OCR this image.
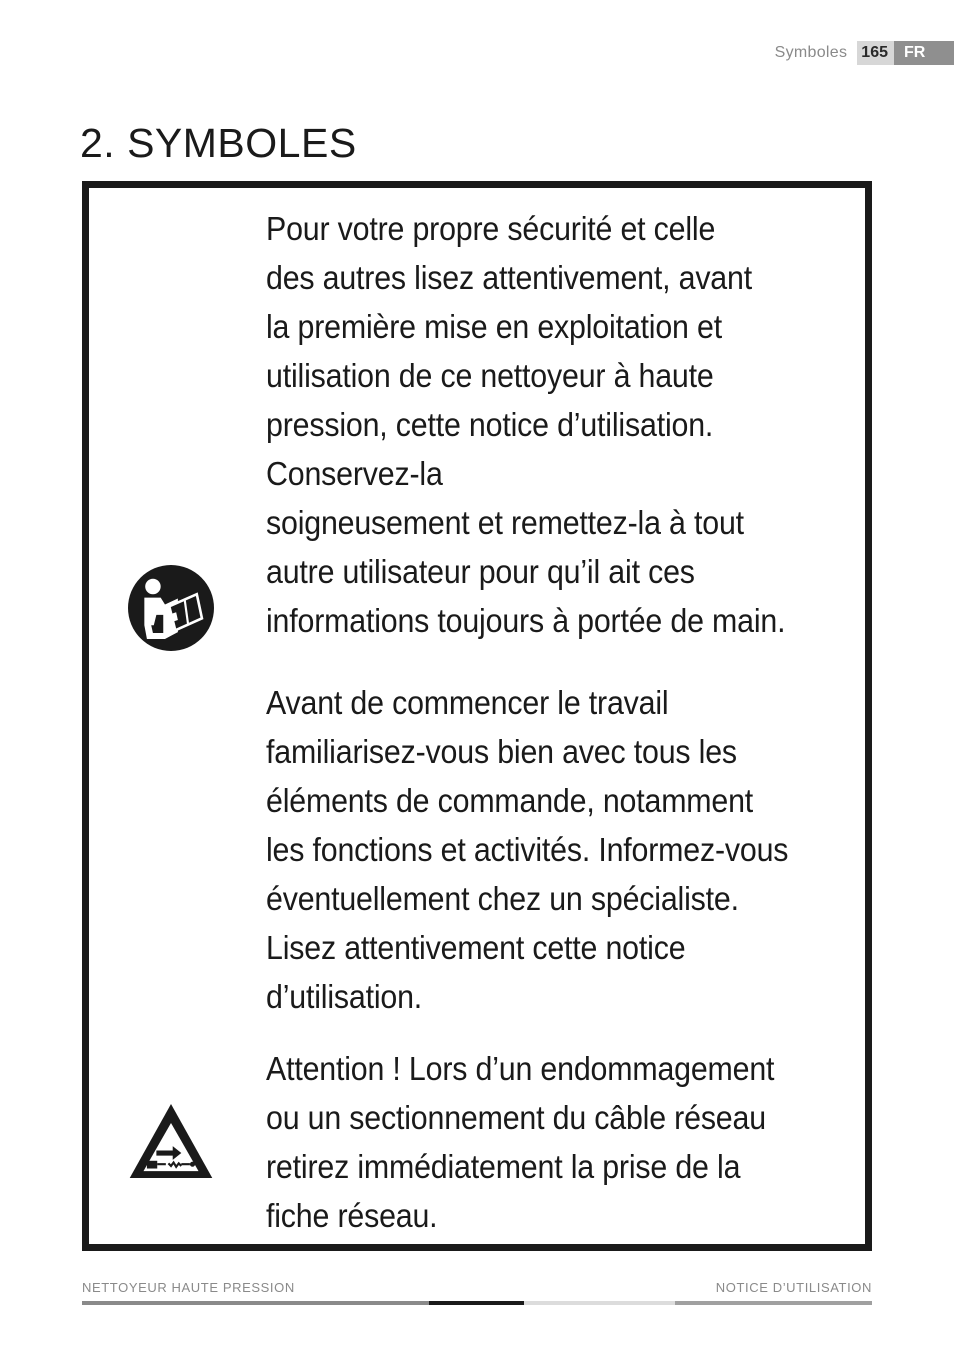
Symboles 165	FR
2. SYMBOLES

Pour votre propre sécurité et celle
des autres lisez attentivement, avant
la première mise en exploitation et
utilisation de ce nettoyeur à haute
pression, cette notice d’utilisation.
Conservez-la
soigneusement et remettez-la à tout
autre utilisateur pour qu’il ait ces
informations toujours à portée de main.

Avant de commencer le travail
familiarisez-vous bien avec tous les
éléments de commande, notamment
les fonctions et activités. Informez-vous
éventuellement chez un spécialiste.
Lisez attentivement cette notice
d’utilisation.

Attention ! Lors d’un endommagement
ou un sectionnement du câble réseau
retirez immédiatement la prise de la
fiche réseau.

NETTOYEUR HAUTE PRESSION	NOTICE D’UTILISATION
